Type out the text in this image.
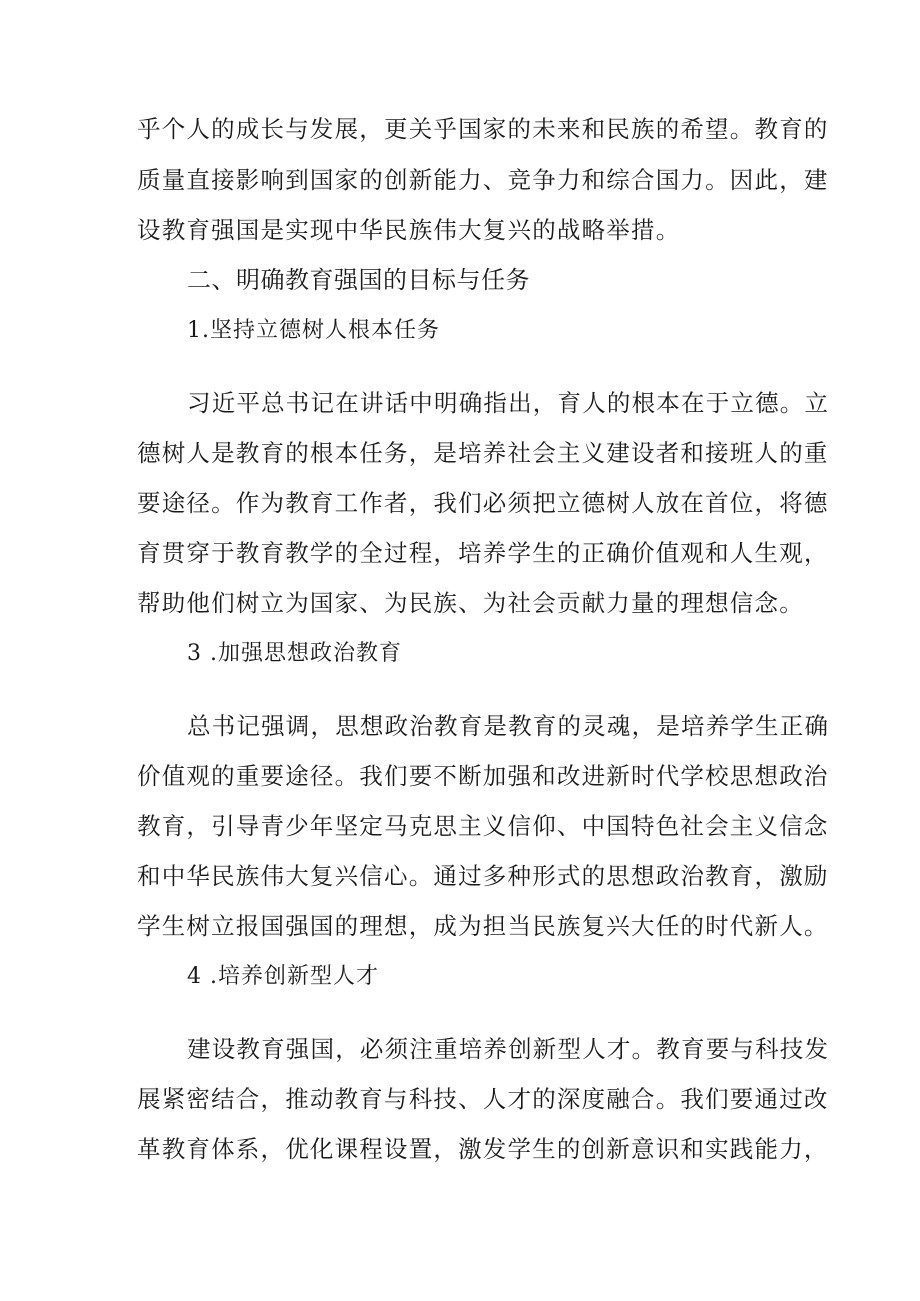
乎个人的成长与发展，更关乎国家的未来和民族的希望。教育的
质量直接影响到国家的创新能力、竞争力和综合国力。因此，建
设教育强国是实现中华民族伟大复兴的战略举措。
二、明确教育强国的目标与任务
1.坚持立德树人根本任务
习近平总书记在讲话中明确指出，育人的根本在于立德。立
德树人是教育的根本任务，是培养社会主义建设者和接班人的重
要途径。作为教育工作者，我们必须把立德树人放在首位，将德
育贯穿于教育教学的全过程，培养学生的正确价值观和人生观，
帮助他们树立为国家、为民族、为社会贡献力量的理想信念。
3 .加强思想政治教育
总书记强调，思想政治教育是教育的灵魂，是培养学生正确
价值观的重要途径。我们要不断加强和改进新时代学校思想政治
教育，引导青少年坚定马克思主义信仰、中国特色社会主义信念
和中华民族伟大复兴信心。通过多种形式的思想政治教育，激励
学生树立报国强国的理想，成为担当民族复兴大任的时代新人。
4 .培养创新型人才
建设教育强国，必须注重培养创新型人才。教育要与科技发
展紧密结合，推动教育与科技、人才的深度融合。我们要通过改
革教育体系，优化课程设置，激发学生的创新意识和实践能力，
